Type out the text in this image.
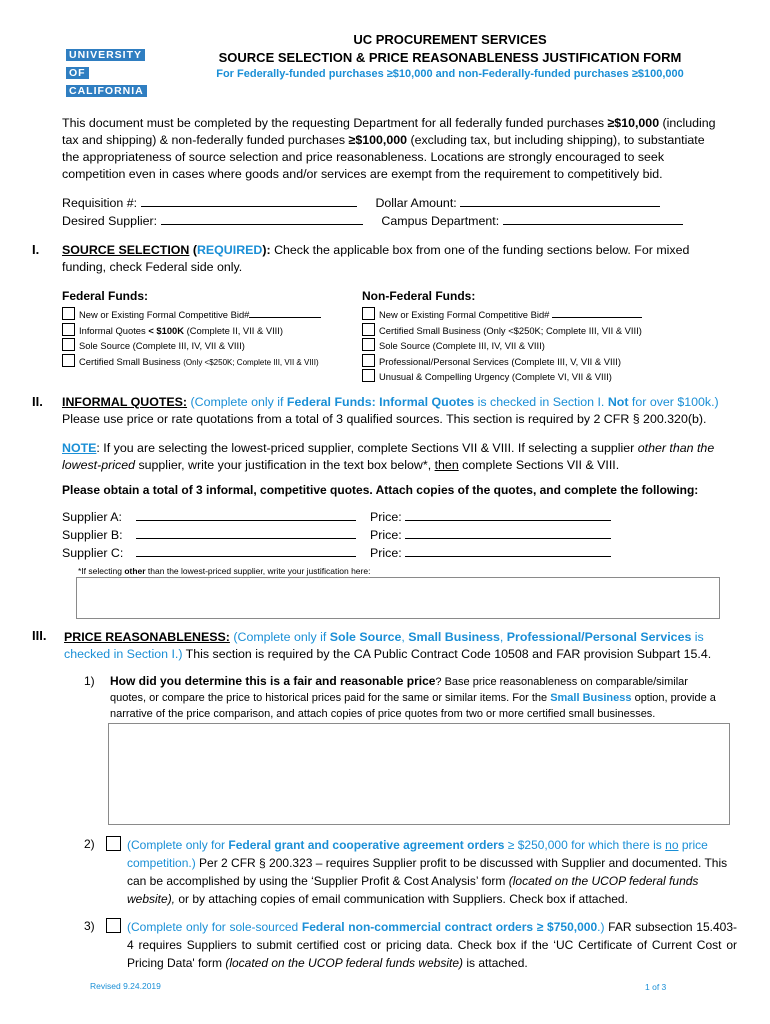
UNIVERSITY
OF
CALIFORNIA
UC PROCUREMENT SERVICES
SOURCE SELECTION & PRICE REASONABLENESS JUSTIFICATION FORM
For Federally-funded purchases ≥$10,000 and non-Federally-funded purchases ≥$100,000
This document must be completed by the requesting Department for all federally funded purchases ≥$10,000 (including tax and shipping) & non-federally funded purchases ≥$100,000 (excluding tax, but including shipping), to substantiate the appropriateness of source selection and price reasonableness. Locations are strongly encouraged to seek competition even in cases where goods and/or services are exempt from the requirement to competitively bid.
Requisition #:	Dollar Amount:
Desired Supplier:	Campus Department:
I. SOURCE SELECTION (REQUIRED): Check the applicable box from one of the funding sections below. For mixed funding, check Federal side only.
Federal Funds:	Non-Federal Funds:
New or Existing Formal Competitive Bid#
Informal Quotes < $100K (Complete II, VII & VIII)
Sole Source (Complete III, IV, VII & VIII)
Certified Small Business (Only <$250K; Complete III, VII & VIII)
New or Existing Formal Competitive Bid#
Certified Small Business (Only <$250K; Complete III, VII & VIII)
Sole Source (Complete III, IV, VII & VIII)
Professional/Personal Services (Complete III, V, VII & VIII)
Unusual & Compelling Urgency (Complete VI, VII & VIII)
II. INFORMAL QUOTES: (Complete only if Federal Funds: Informal Quotes is checked in Section I. Not for over $100k.)
Please use price or rate quotations from a total of 3 qualified sources. This section is required by 2 CFR § 200.320(b).
NOTE: If you are selecting the lowest-priced supplier, complete Sections VII & VIII. If selecting a supplier other than the lowest-priced supplier, write your justification in the text box below*, then complete Sections VII & VIII.
Please obtain a total of 3 informal, competitive quotes. Attach copies of the quotes, and complete the following:
Supplier A:	Price:
Supplier B:	Price:
Supplier C:	Price:
*If selecting other than the lowest-priced supplier, write your justification here:
III. PRICE REASONABLENESS: (Complete only if Sole Source, Small Business, Professional/Personal Services is checked in Section I.) This section is required by the CA Public Contract Code 10508 and FAR provision Subpart 15.4.
1) How did you determine this is a fair and reasonable price? Base price reasonableness on comparable/similar quotes, or compare the price to historical prices paid for the same or similar items. For the Small Business option, provide a narrative of the price comparison, and attach copies of price quotes from two or more certified small businesses.
2)	(Complete only for Federal grant and cooperative agreement orders ≥ $250,000 for which there is no price competition.) Per 2 CFR § 200.323 – requires Supplier profit to be discussed with Supplier and documented. This can be accomplished by using the ‘Supplier Profit & Cost Analysis’ form (located on the UCOP federal funds website), or by attaching copies of email communication with Suppliers. Check box if attached.
3)	(Complete only for sole-sourced Federal non-commercial contract orders ≥ $750,000.) FAR subsection 15.403-4 requires Suppliers to submit certified cost or pricing data. Check box if the ‘UC Certificate of Current Cost or Pricing Data' form (located on the UCOP federal funds website) is attached.
Revised 9.24.2019	1 of 3
